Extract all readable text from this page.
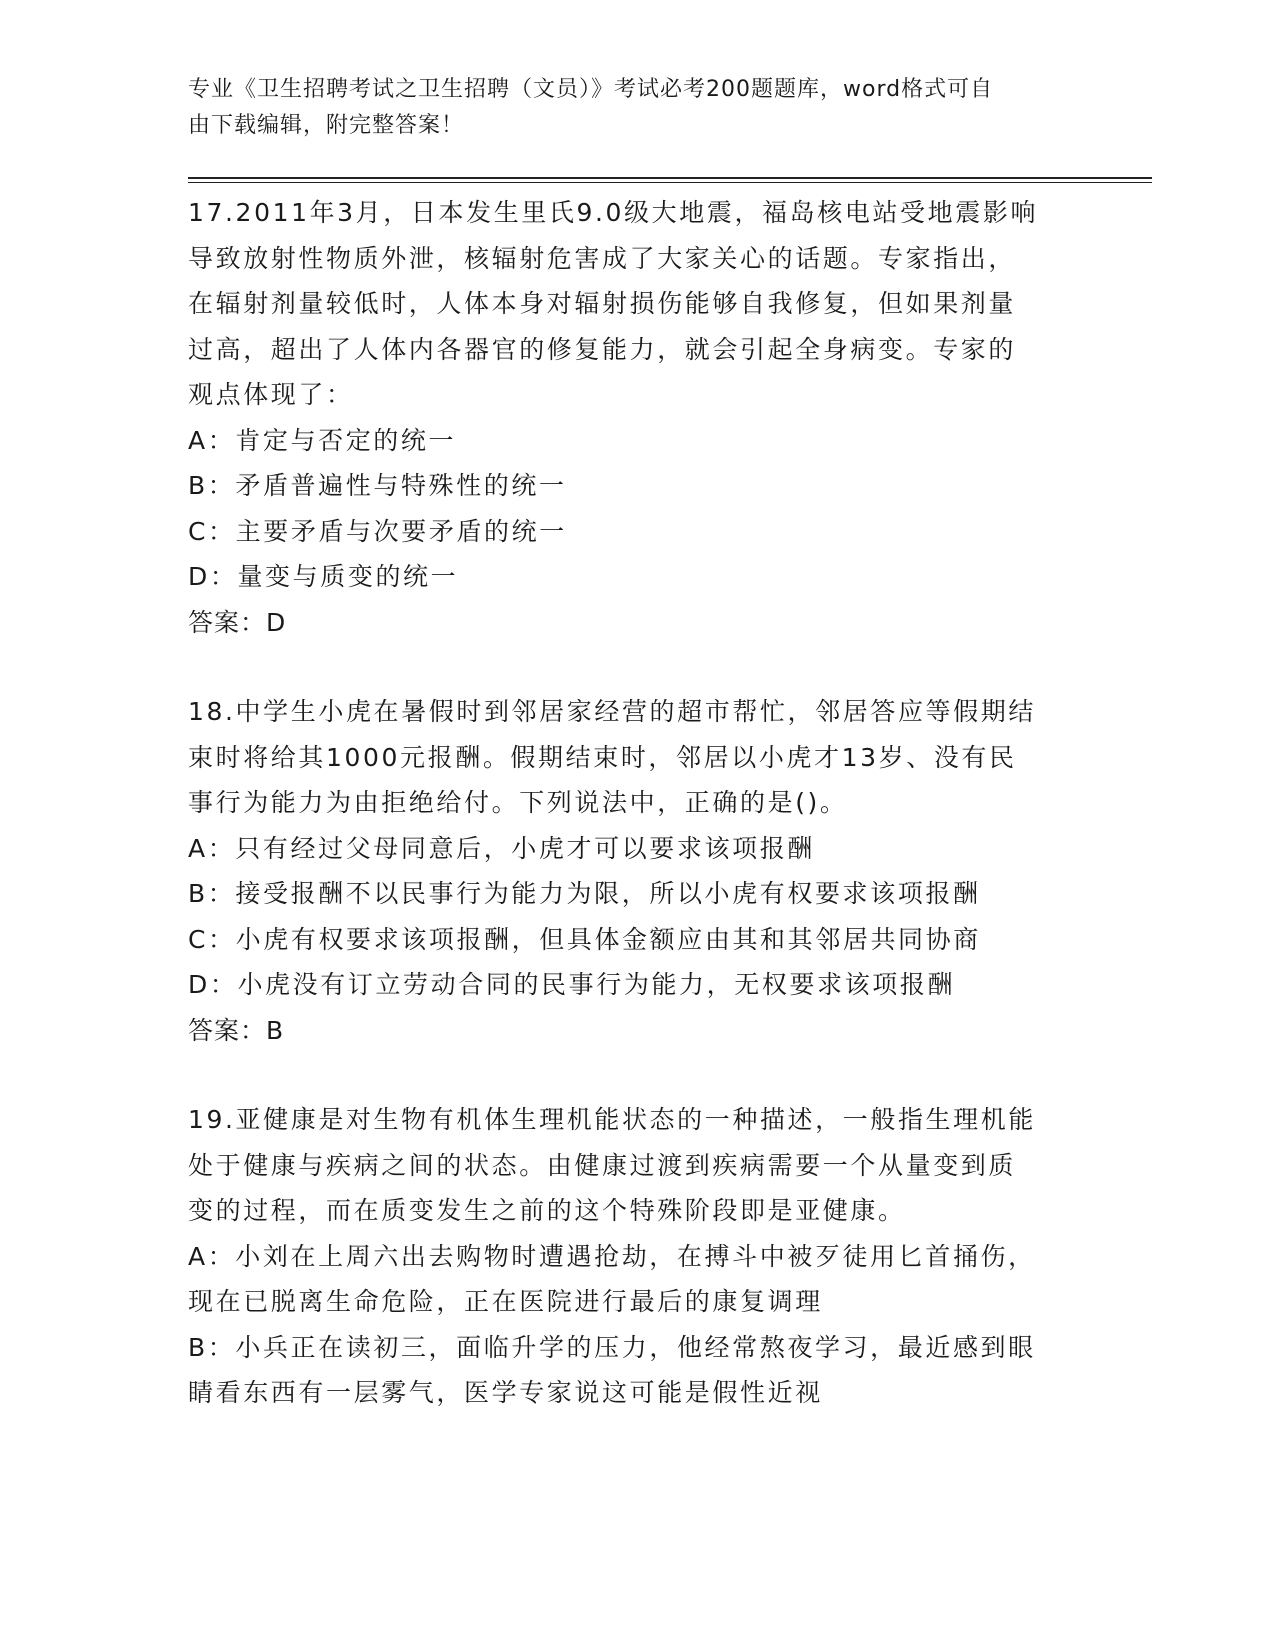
专业《卫生招聘考试之卫生招聘（文员）》考试必考200题题库，word格式可自
由下载编辑，附完整答案！
17.2011年3月，日本发生里氏9.0级大地震，福岛核电站受地震影响
导致放射性物质外泄，核辐射危害成了大家关心的话题。专家指出，
在辐射剂量较低时，人体本身对辐射损伤能够自我修复，但如果剂量
过高，超出了人体内各器官的修复能力，就会引起全身病变。专家的
观点体现了：
A：肯定与否定的统一
B：矛盾普遍性与特殊性的统一
C：主要矛盾与次要矛盾的统一
D：量变与质变的统一
答案：D
18.中学生小虎在暑假时到邻居家经营的超市帮忙，邻居答应等假期结
束时将给其1000元报酬。假期结束时，邻居以小虎才13岁、没有民
事行为能力为由拒绝给付。下列说法中，正确的是()。
A：只有经过父母同意后，小虎才可以要求该项报酬
B：接受报酬不以民事行为能力为限，所以小虎有权要求该项报酬
C：小虎有权要求该项报酬，但具体金额应由其和其邻居共同协商
D：小虎没有订立劳动合同的民事行为能力，无权要求该项报酬
答案：B
19.亚健康是对生物有机体生理机能状态的一种描述，一般指生理机能
处于健康与疾病之间的状态。由健康过渡到疾病需要一个从量变到质
变的过程，而在质变发生之前的这个特殊阶段即是亚健康。
A：小刘在上周六出去购物时遭遇抢劫，在搏斗中被歹徒用匕首捅伤，
现在已脱离生命危险，正在医院进行最后的康复调理
B：小兵正在读初三，面临升学的压力，他经常熬夜学习，最近感到眼
睛看东西有一层雾气，医学专家说这可能是假性近视
